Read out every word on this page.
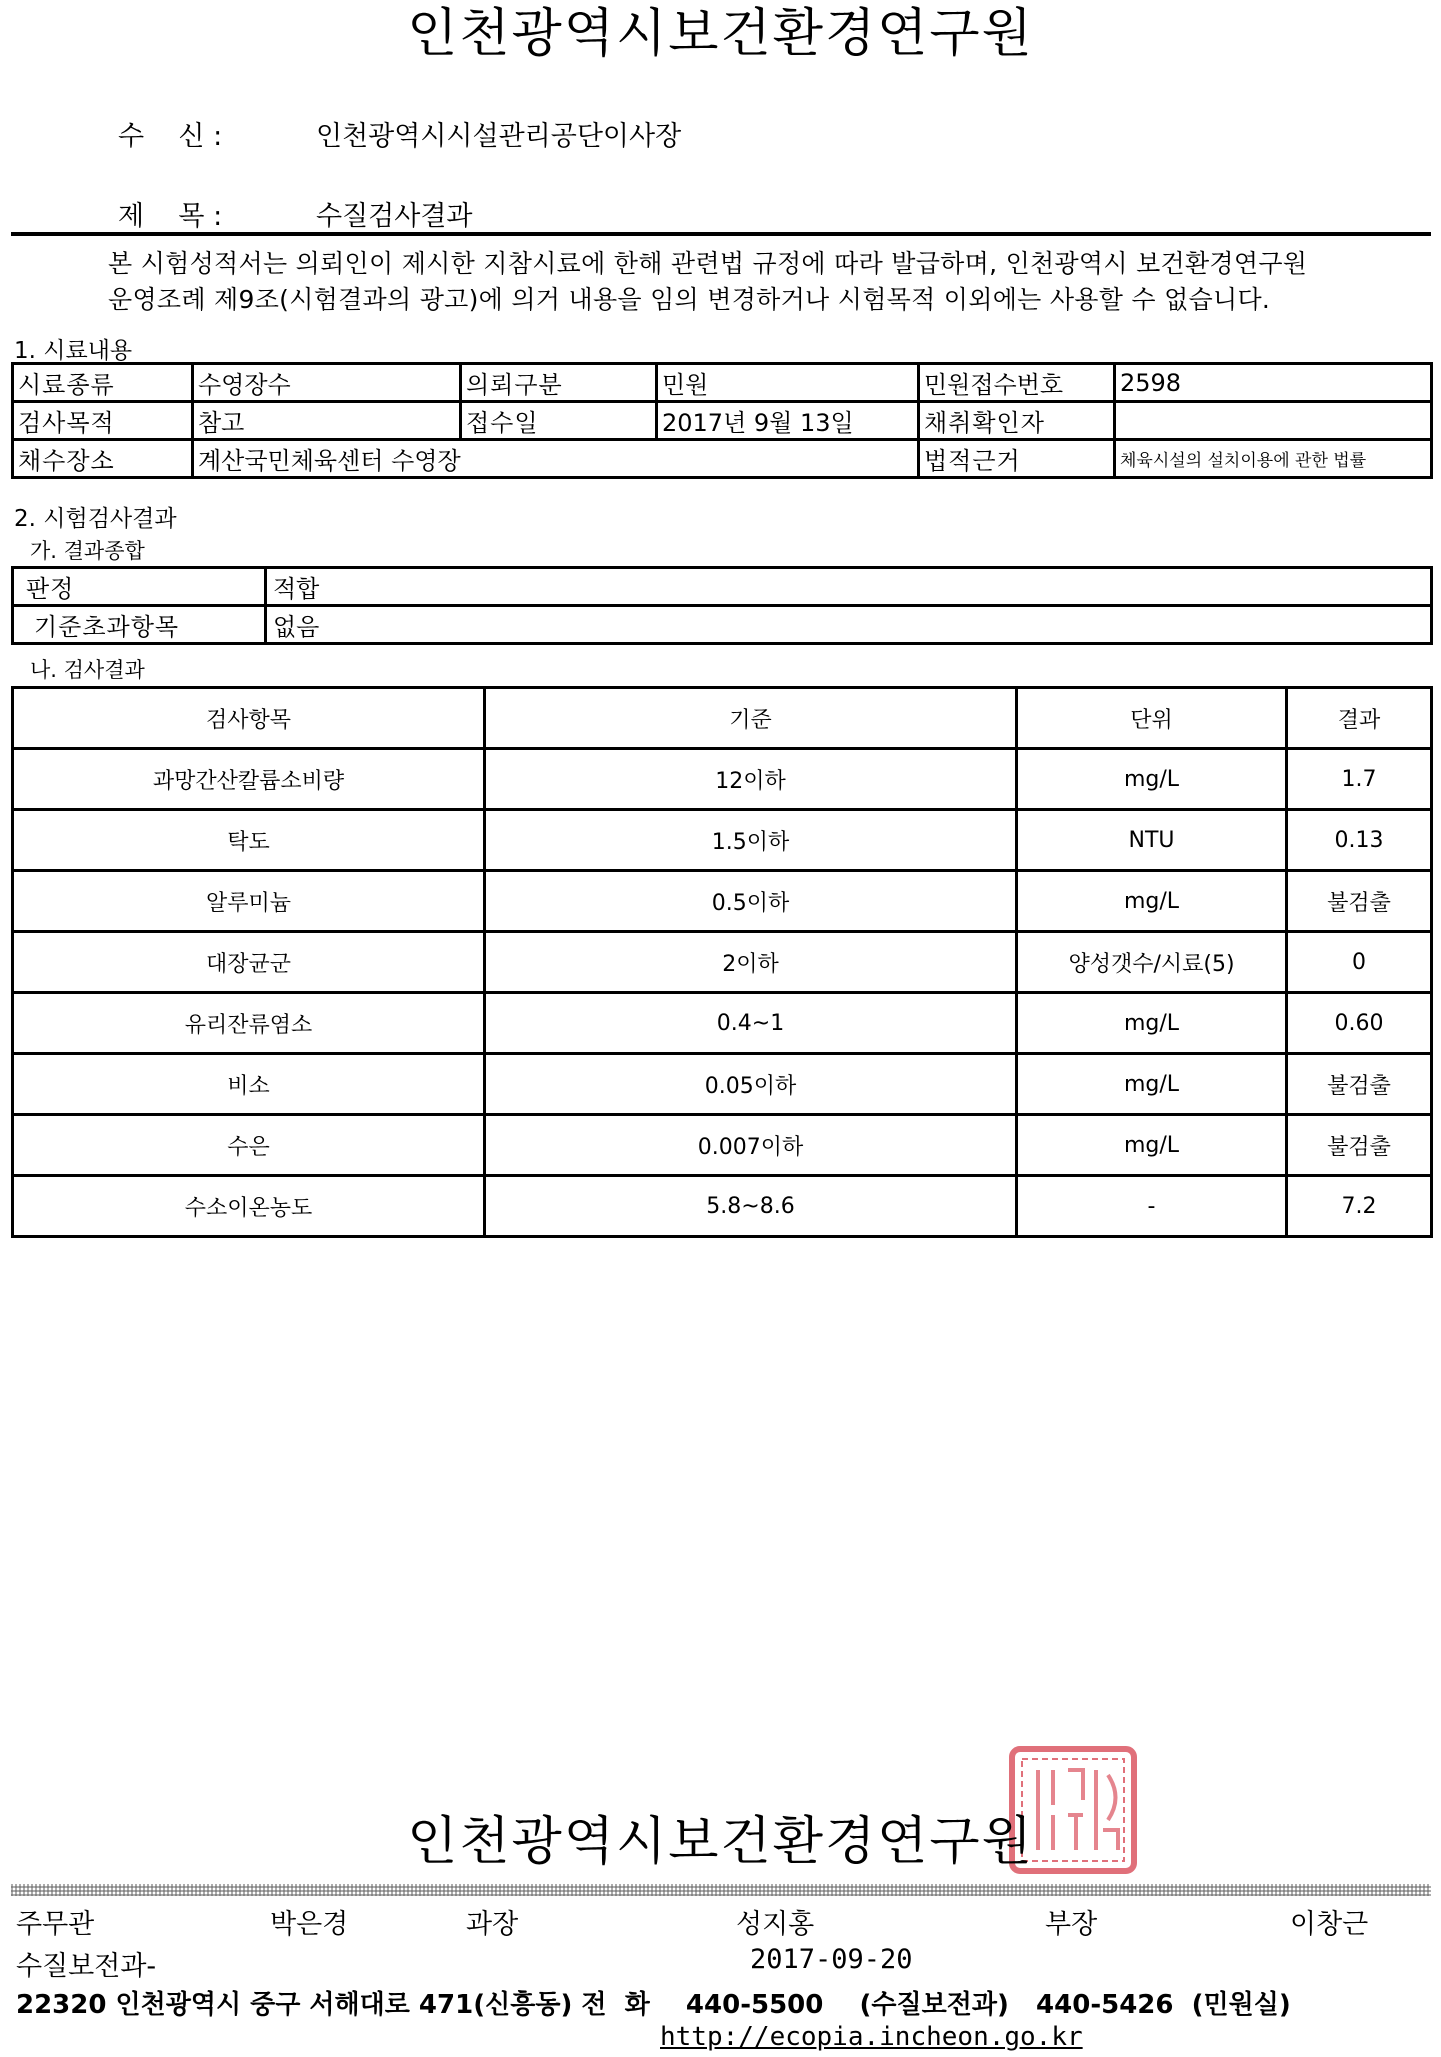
인천광역시보건환경연구원
수    신 :	인천광역시시설관리공단이사장
제    목 :	수질검사결과
본 시험성적서는 의뢰인이 제시한 지참시료에 한해 관련법 규정에 따라 발급하며, 인천광역시 보건환경연구원
운영조례 제9조(시험결과의 광고)에 의거 내용을 임의 변경하거나 시험목적 이외에는 사용할 수 없습니다.
1. 시료내용
시료종류	수영장수	의뢰구분	민원	민원접수번호	2598
검사목적	참고	접수일	2017년 9월 13일	채취확인자	
채수장소	계산국민체육센터 수영장			법적근거	체육시설의 설치이용에 관한 법률
2. 시험검사결과
가. 결과종합
판정	적합
기준초과항목	없음
나. 검사결과
검사항목	기준	단위	결과
과망간산칼륨소비량	12이하	mg/L	1.7
탁도	1.5이하	NTU	0.13
알루미늄	0.5이하	mg/L	불검출
대장균군	2이하	양성갯수/시료(5)	0
유리잔류염소	0.4~1	mg/L	0.60
비소	0.05이하	mg/L	불검출
수은	0.007이하	mg/L	불검출
수소이온농도	5.8~8.6	-	7.2
인천광역시보건환경연구원
주무관	박은경	과장	성지홍	부장	이창근
수질보전과-	2017-09-20
22320 인천광역시 중구 서해대로 471(신흥동) 전  화    440-5500    (수질보전과)   440-5426  (민원실)
http://ecopia.incheon.go.kr
